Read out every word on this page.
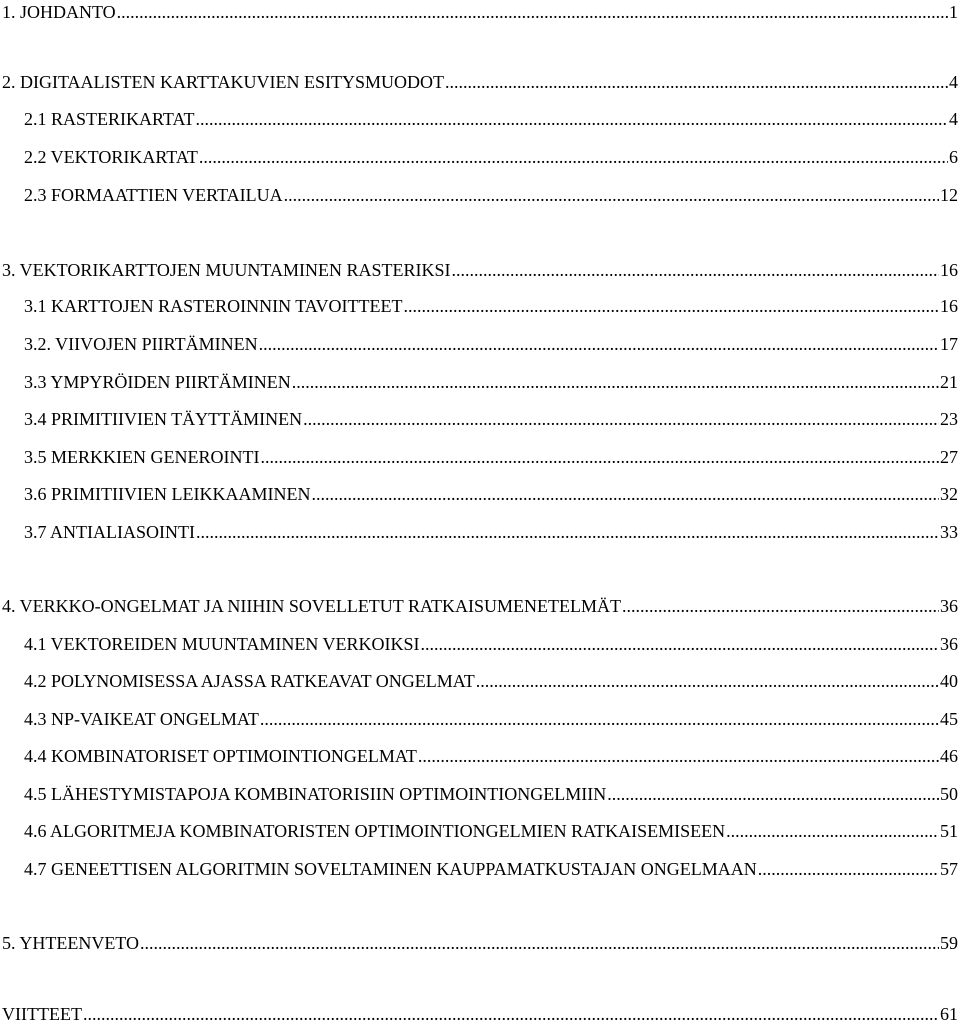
1. JOHDANTO .....	1
2. DIGITAALISTEN KARTTAKUVIEN ESITYSMUODOT .....	4
2.1 RASTERIKARTAT .....	4
2.2 VEKTORIKARTAT .....	6
2.3 FORMAATTIEN VERTAILUA .....	12
3. VEKTORIKARTTOJEN MUUNTAMINEN RASTERIKSI .....	16
3.1 KARTTOJEN RASTEROINNIN TAVOITTEET .....	16
3.2. VIIVOJEN PIIRTÄMINEN .....	17
3.3 YMPYRÖIDEN PIIRTÄMINEN .....	21
3.4 PRIMITIIVIEN TÄYTTÄMINEN .....	23
3.5 MERKKIEN GENEROINTI .....	27
3.6 PRIMITIIVIEN LEIKKAAMINEN .....	32
3.7 ANTIALIASOINTI .....	33
4. VERKKO-ONGELMAT JA NIIHIN SOVELLETUT RATKAISUMENETELMÄT .....	36
4.1 VEKTOREIDEN MUUNTAMINEN VERKOIKSI .....	36
4.2 POLYNOMISESSA AJASSA RATKEAVAT ONGELMAT .....	40
4.3 NP-VAIKEAT ONGELMAT .....	45
4.4 KOMBINATORISET OPTIMOINTIONGELMAT .....	46
4.5 LÄHESTYMISTAPOJA KOMBINATORISIIN OPTIMOINTIONGELMIIN .....	50
4.6 ALGORITMEJA KOMBINATORISTEN OPTIMOINTIONGELMIEN RATKAISEMISEEN .....	51
4.7 GENEETTISEN ALGORITMIN SOVELTAMINEN KAUPPAMATKUSTAJAN ONGELMAAN .....	57
5. YHTEENVETO .....	59
VIITTEET .....	61
